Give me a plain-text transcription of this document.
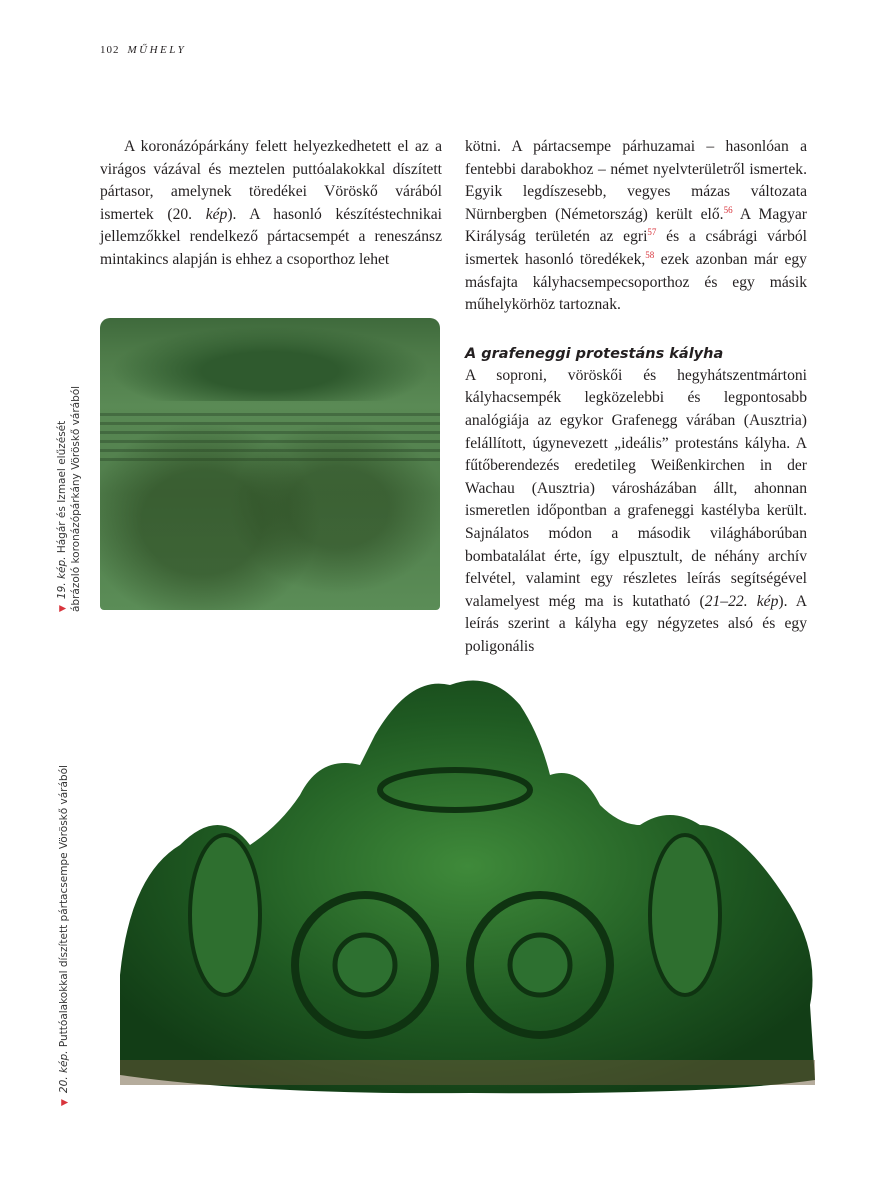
102 MŰHELY

A koronázópárkány felett helyezkedhetett el az a virágos vázával és meztelen puttóalakokkal díszített pártasor, amelynek töredékei Vöröskő várából ismertek (20. kép). A hasonló készítéstechnikai jellemzőkkel rendelkező pártacsempét a reneszánsz mintakincs alapján is ehhez a csoporthoz lehet

kötni. A pártacsempe párhuzamai – hasonlóan a fentebbi darabokhoz – német nyelvterületről ismertek. Egyik legdíszesebb, vegyes mázas változata Nürnbergben (Németország) került elő.$^{56}$ A Magyar Királyság területén az egri$^{57}$ és a csábrági várból ismertek hasonló töredékek,$^{58}$ ezek azonban már egy másfajta kályhacsempecsoporthoz és egy másik műhelykörhöz tartoznak.

A grafeneggi protestáns kályha

A soproni, vöröskői és hegyhátszentmártoni kályhacsempék legközelebbi és legpontosabb analógiája az egykor Grafenegg várában (Ausztria) felállított, úgynevezett „ideális” protestáns kályha. A fűtőberendezés eredetileg Weißenkirchen in der Wachau (Ausztria) városházában állt, ahonnan ismeretlen időpontban a grafeneggi kastélyba került. Sajnálatos módon a második világháborúban bombatalálat érte, így elpusztult, de néhány archív felvétel, valamint egy részletes leírás segítségével valamelyest még ma is kutatható (21–22. kép). A leírás szerint a kályha egy négyzetes alsó és egy poligonális

▼19. kép. Hágár és Izmael elűzését ábrázoló koronázópárkány Vöröskő várából
▼20. kép. Puttóalakokkal díszített pártacsempe Vöröskő várából
